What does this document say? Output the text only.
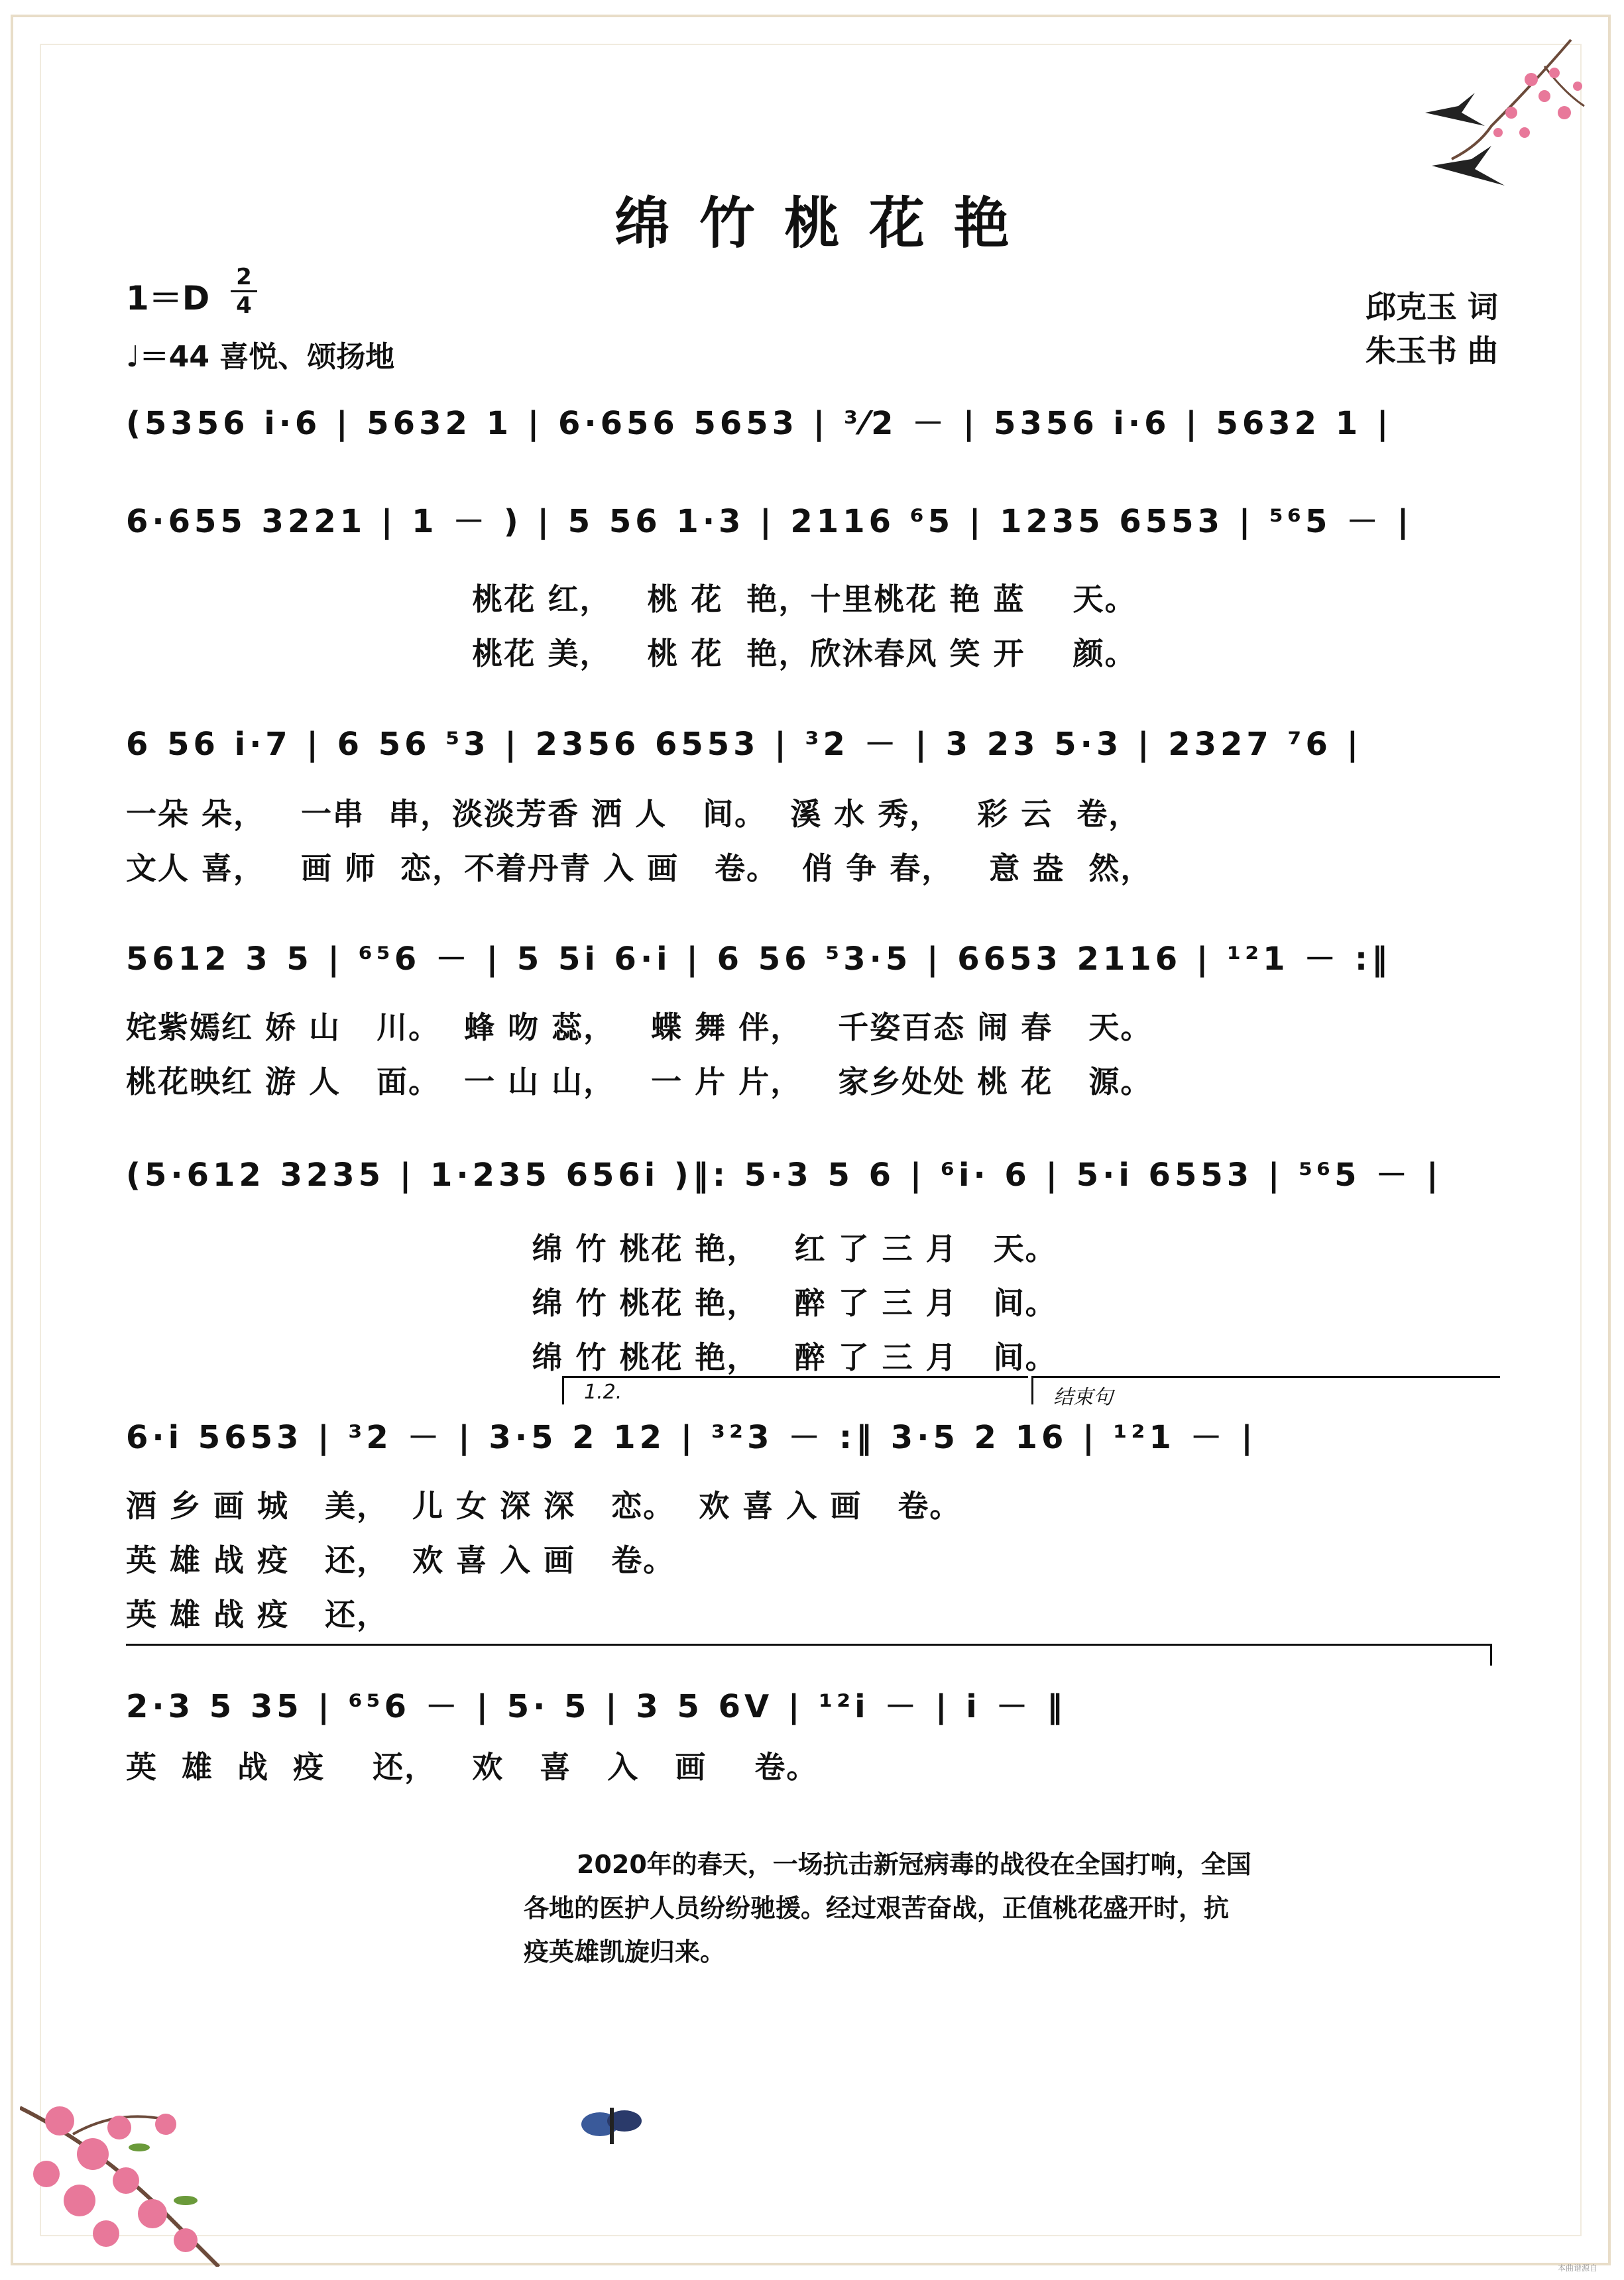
本曲谱源自
绵竹桃花艳
1＝D
2
4
♩＝44 喜悦、颂扬地
邱克玉 词
朱玉书 曲
(5356 i·6 | 5632 1 | 6·656 5653 | ³⁄2 － | 5356 i·6 | 5632 1 |
6·655 3221 | 1 － ) | 5 56 1·3 | 2116 ⁶5 | 1235 6553 | ⁵⁶5 － |
桃花 红，   桃 花  艳，十里桃花 艳 蓝    天。
桃花 美，   桃 花  艳，欣沐春风 笑 开    颜。
6 56 i·7 | 6 56 ⁵3 | 2356 6553 | ³2 － | 3 23 5·3 | 2327 ⁷6 |
一朵 朵，   一串  串，淡淡芳香 洒 人   间。  溪 水 秀，   彩 云  卷，
文人 喜，   画 师  恋，不着丹青 入 画   卷。  俏 争 春，   意 盎  然，
5612 3 5 | ⁶⁵6 － | 5 5i 6·i | 6 56 ⁵3·5 | 6653 2116 | ¹²1 － :‖
姹紫嫣红 娇 山   川。  蜂 吻 蕊，   蝶 舞 伴，   千姿百态 闹 春   天。
桃花映红 游 人   面。  一 山 山，   一 片 片，   家乡处处 桃 花   源。
(5·612 3235 | 1·235 656i )‖: 5·3 5 6 | ⁶i· 6 | 5·i 6553 | ⁵⁶5 － |
绵 竹 桃花 艳，   红 了 三 月   天。
绵 竹 桃花 艳，   醉 了 三 月   间。
绵 竹 桃花 艳，   醉 了 三 月   间。
1.2.	结束句
6·i 5653 | ³2 － | 3·5 2 12 | ³²3 － :‖ 3·5 2 16 | ¹²1 － |
酒 乡 画 城   美，  儿 女 深 深   恋。  欢 喜 入 画   卷。
英 雄 战 疫   还，  欢 喜 入 画   卷。
英 雄 战 疫   还，
2·3 5 35 | ⁶⁵6 － | 5· 5 | 3 5 6ᐯ | ¹²i － | i － ‖
英  雄  战  疫    还，   欢   喜   入   画    卷。
2020年的春天，一场抗击新冠病毒的战役在全国打响，全国各地的医护人员纷纷驰援。经过艰苦奋战，正值桃花盛开时，抗疫英雄凯旋归来。
